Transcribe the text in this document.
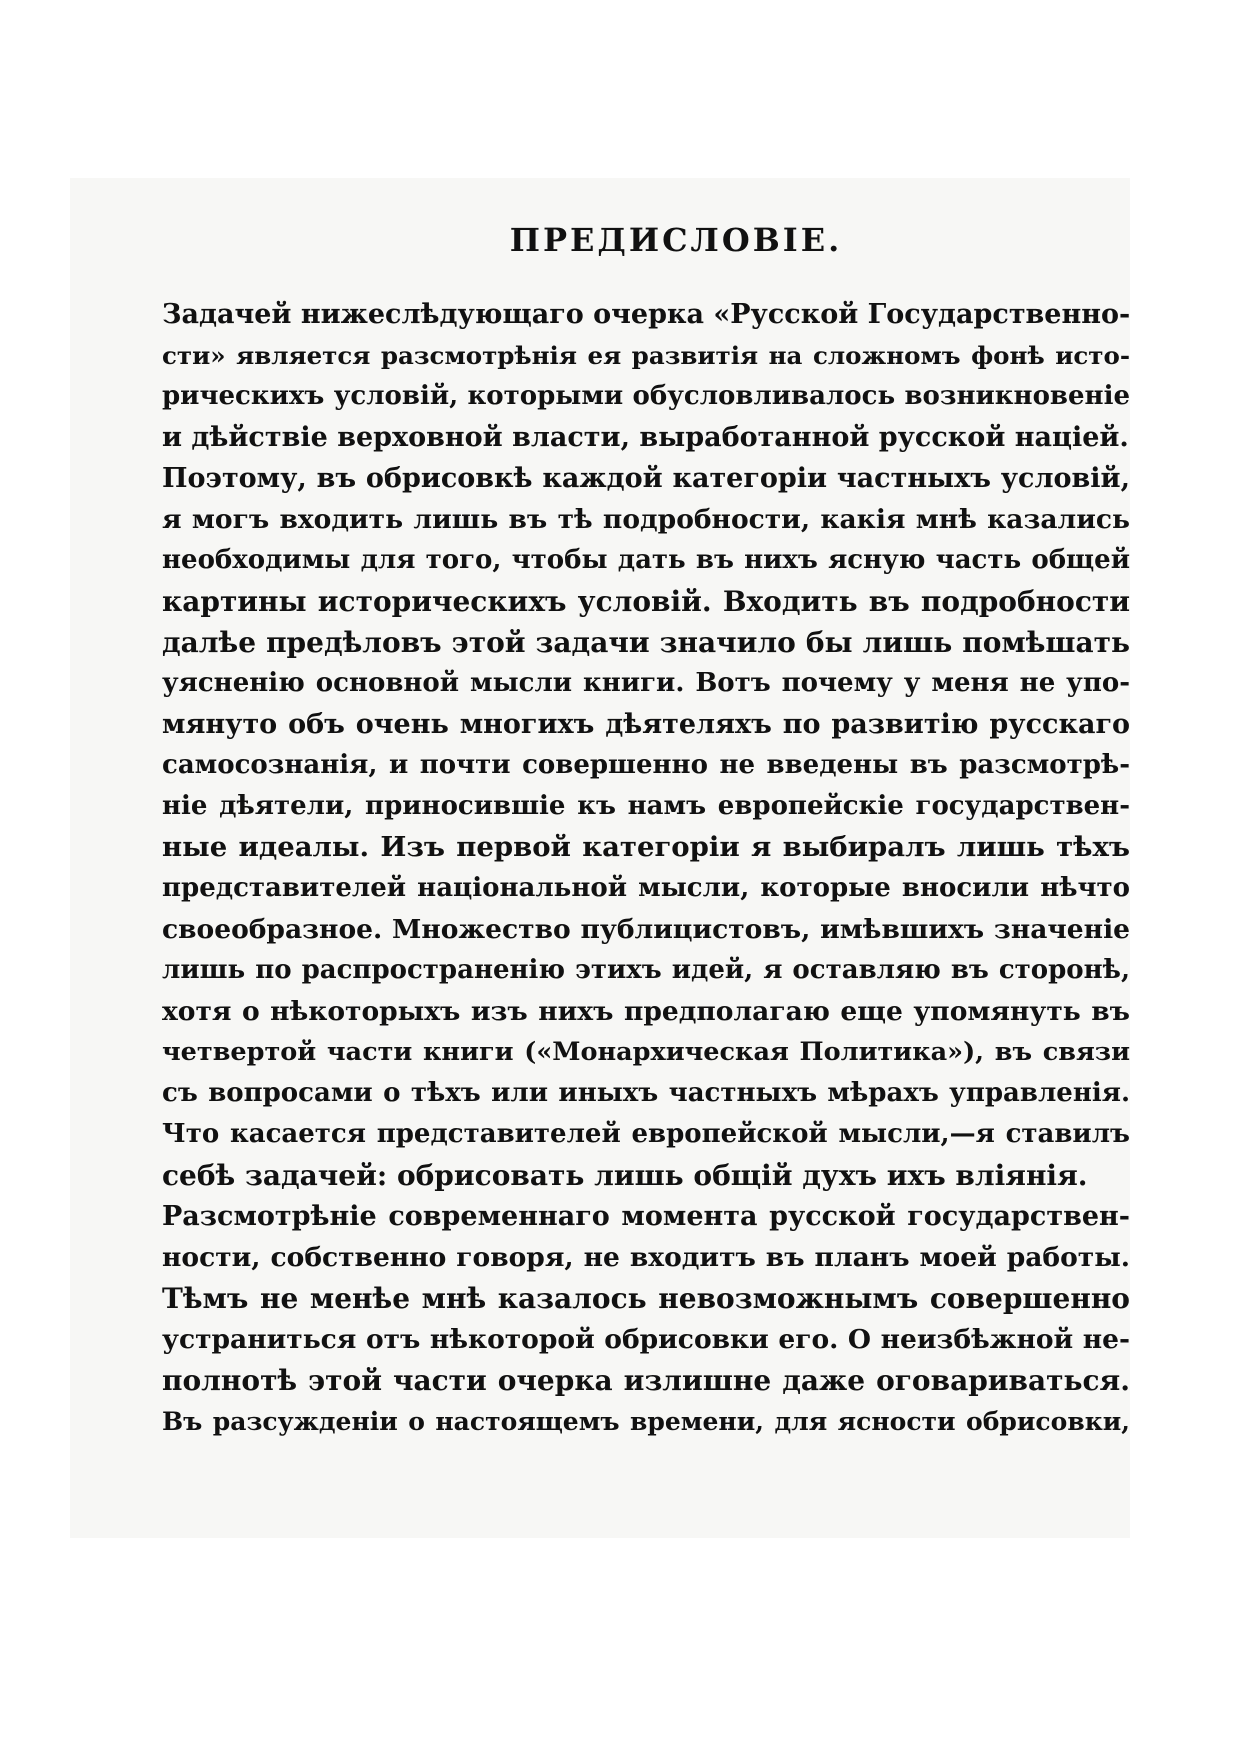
ПРЕДИСЛОВІЕ.
Задачей нижеслѣдующаго очерка «Русской Государственно-
сти» является разсмотрѣнія ея развитія на сложномъ фонѣ исто-
рическихъ условій, которыми обусловливалось возникновеніе
и дѣйствіе верховной власти, выработанной русской націей.
Поэтому, въ обрисовкѣ каждой категоріи частныхъ условій,
я могъ входить лишь въ тѣ подробности, какія мнѣ казались
необходимы для того, чтобы дать въ нихъ ясную часть общей
картины историческихъ условій. Входить въ подробности
далѣе предѣловъ этой задачи значило бы лишь помѣшать
уясненію основной мысли книги. Вотъ почему у меня не упо-
мянуто объ очень многихъ дѣятеляхъ по развитію русскаго
самосознанія, и почти совершенно не введены въ разсмотрѣ-
ніе дѣятели, приносившіе къ намъ европейскіе государствен-
ные идеалы. Изъ первой категоріи я выбиралъ лишь тѣхъ
представителей національной мысли, которые вносили нѣчто
своеобразное. Множество публицистовъ, имѣвшихъ значеніе
лишь по распространенію этихъ идей, я оставляю въ сторонѣ,
хотя о нѣкоторыхъ изъ нихъ предполагаю еще упомянуть въ
четвертой части книги («Монархическая Политика»), въ связи
съ вопросами о тѣхъ или иныхъ частныхъ мѣрахъ управленія.
Что касается представителей европейской мысли,—я ставилъ
себѣ задачей: обрисовать лишь общій духъ ихъ вліянія.
Разсмотрѣніе современнаго момента русской государствен-
ности, собственно говоря, не входитъ въ планъ моей работы.
Тѣмъ не менѣе мнѣ казалось невозможнымъ совершенно
устраниться отъ нѣкоторой обрисовки его. О неизбѣжной не-
полнотѣ этой части очерка излишне даже оговариваться.
Въ разсужденіи о настоящемъ времени, для ясности обрисовки,
